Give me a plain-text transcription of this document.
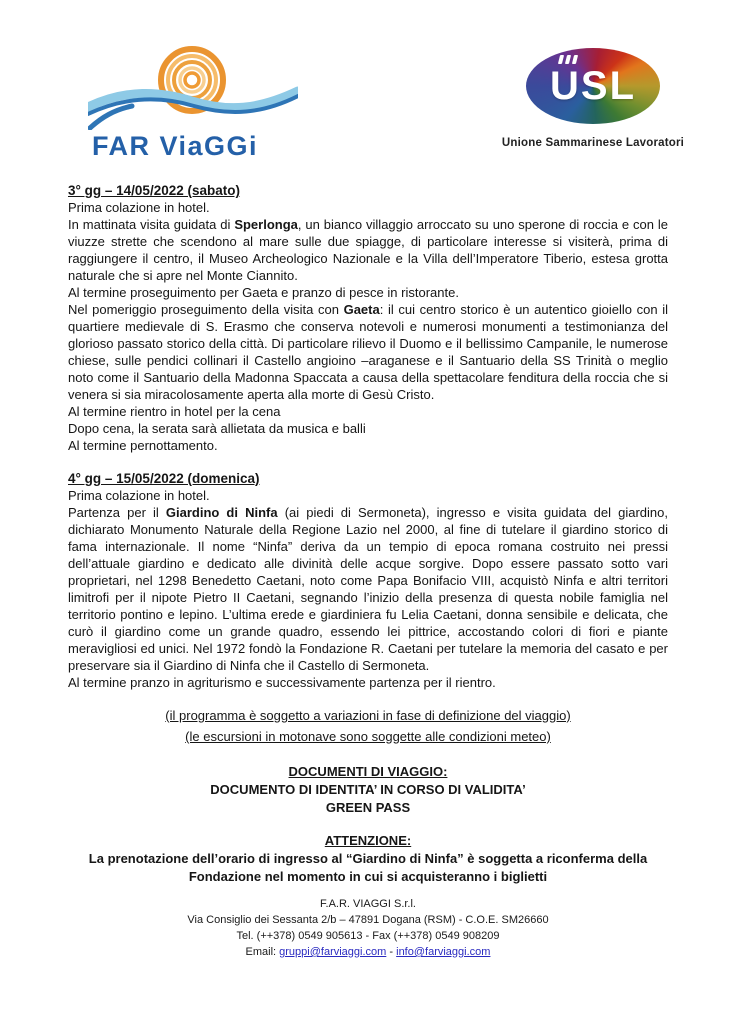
FAR ViaGGi
USL
Unione Sammarinese Lavoratori
3° gg – 14/05/2022 (sabato)
Prima colazione in hotel.
In mattinata visita guidata di Sperlonga, un bianco villaggio arroccato su uno sperone di roccia e con le viuzze strette che scendono al mare sulle due spiagge, di particolare interesse si visiterà, prima di raggiungere il centro, il Museo Archeologico Nazionale e la Villa dell’Imperatore Tiberio, estesa grotta naturale che si apre nel Monte Ciannito.
Al termine proseguimento per Gaeta e pranzo di pesce in ristorante.
Nel pomeriggio proseguimento della visita con Gaeta: il cui centro storico è un autentico gioiello con il quartiere medievale di S. Erasmo che conserva notevoli e numerosi monumenti a testimonianza del glorioso passato storico della città. Di particolare rilievo il Duomo e il bellissimo Campanile, le numerose chiese, sulle pendici collinari il Castello angioino –araganese e il Santuario della SS Trinità o meglio noto come il Santuario della Madonna Spaccata a causa della spettacolare fenditura della roccia che si venera si sia miracolosamente aperta alla morte di Gesù Cristo.
Al termine rientro in hotel per la cena
Dopo cena, la serata sarà allietata da musica e balli
Al termine pernottamento.
4° gg – 15/05/2022 (domenica)
Prima colazione in hotel.
Partenza per il Giardino di Ninfa (ai piedi di Sermoneta), ingresso e visita guidata del giardino, dichiarato Monumento Naturale della Regione Lazio nel 2000, al fine di tutelare il giardino storico di fama internazionale. Il nome “Ninfa” deriva da un tempio di epoca romana costruito nei pressi dell’attuale giardino e dedicato alle divinità delle acque sorgive. Dopo essere passato sotto vari proprietari, nel 1298 Benedetto Caetani, noto come Papa Bonifacio VIII, acquistò Ninfa e altri territori limitrofi per il nipote Pietro II Caetani, segnando l’inizio della presenza di questa nobile famiglia nel territorio pontino e lepino. L’ultima erede e giardiniera fu Lelia Caetani, donna sensibile e delicata, che curò il giardino come un grande quadro, essendo lei pittrice, accostando colori di fiori e piante meravigliosi ed unici. Nel 1972 fondò la Fondazione R. Caetani per tutelare la memoria del casato e per preservare sia il Giardino di Ninfa che il Castello di Sermoneta.
Al termine pranzo in agriturismo e successivamente partenza per il rientro.
(il programma è soggetto a variazioni in fase di definizione del viaggio)
(le escursioni in motonave sono soggette alle condizioni meteo)
DOCUMENTI DI VIAGGIO:
DOCUMENTO DI IDENTITA’ IN CORSO DI VALIDITA’
GREEN PASS
ATTENZIONE:
La prenotazione dell’orario di ingresso al “Giardino di Ninfa” è soggetta a riconferma della Fondazione nel momento in cui si acquisteranno i biglietti
F.A.R. VIAGGI S.r.l.
Via Consiglio dei Sessanta 2/b – 47891 Dogana (RSM) - C.O.E. SM26660
Tel. (++378) 0549 905613 - Fax (++378) 0549 908209
Email: gruppi@farviaggi.com - info@farviaggi.com
